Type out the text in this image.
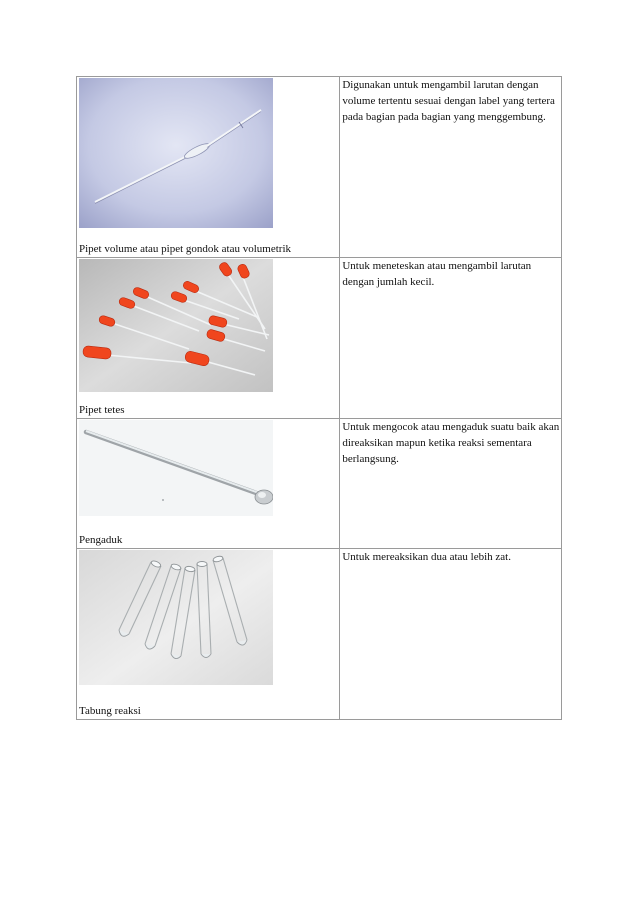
Pipet volume atau pipet gondok atau volumetrik	Digunakan untuk mengambil larutan dengan volume tertentu sesuai dengan label yang tertera pada bagian pada bagian yang menggembung.

Pipet tetes	Untuk meneteskan atau mengambil larutan dengan jumlah kecil.

Pengaduk	Untuk mengocok atau mengaduk suatu baik akan direaksikan mapun ketika reaksi sementara berlangsung.

Tabung reaksi	Untuk mereaksikan dua atau lebih zat.
